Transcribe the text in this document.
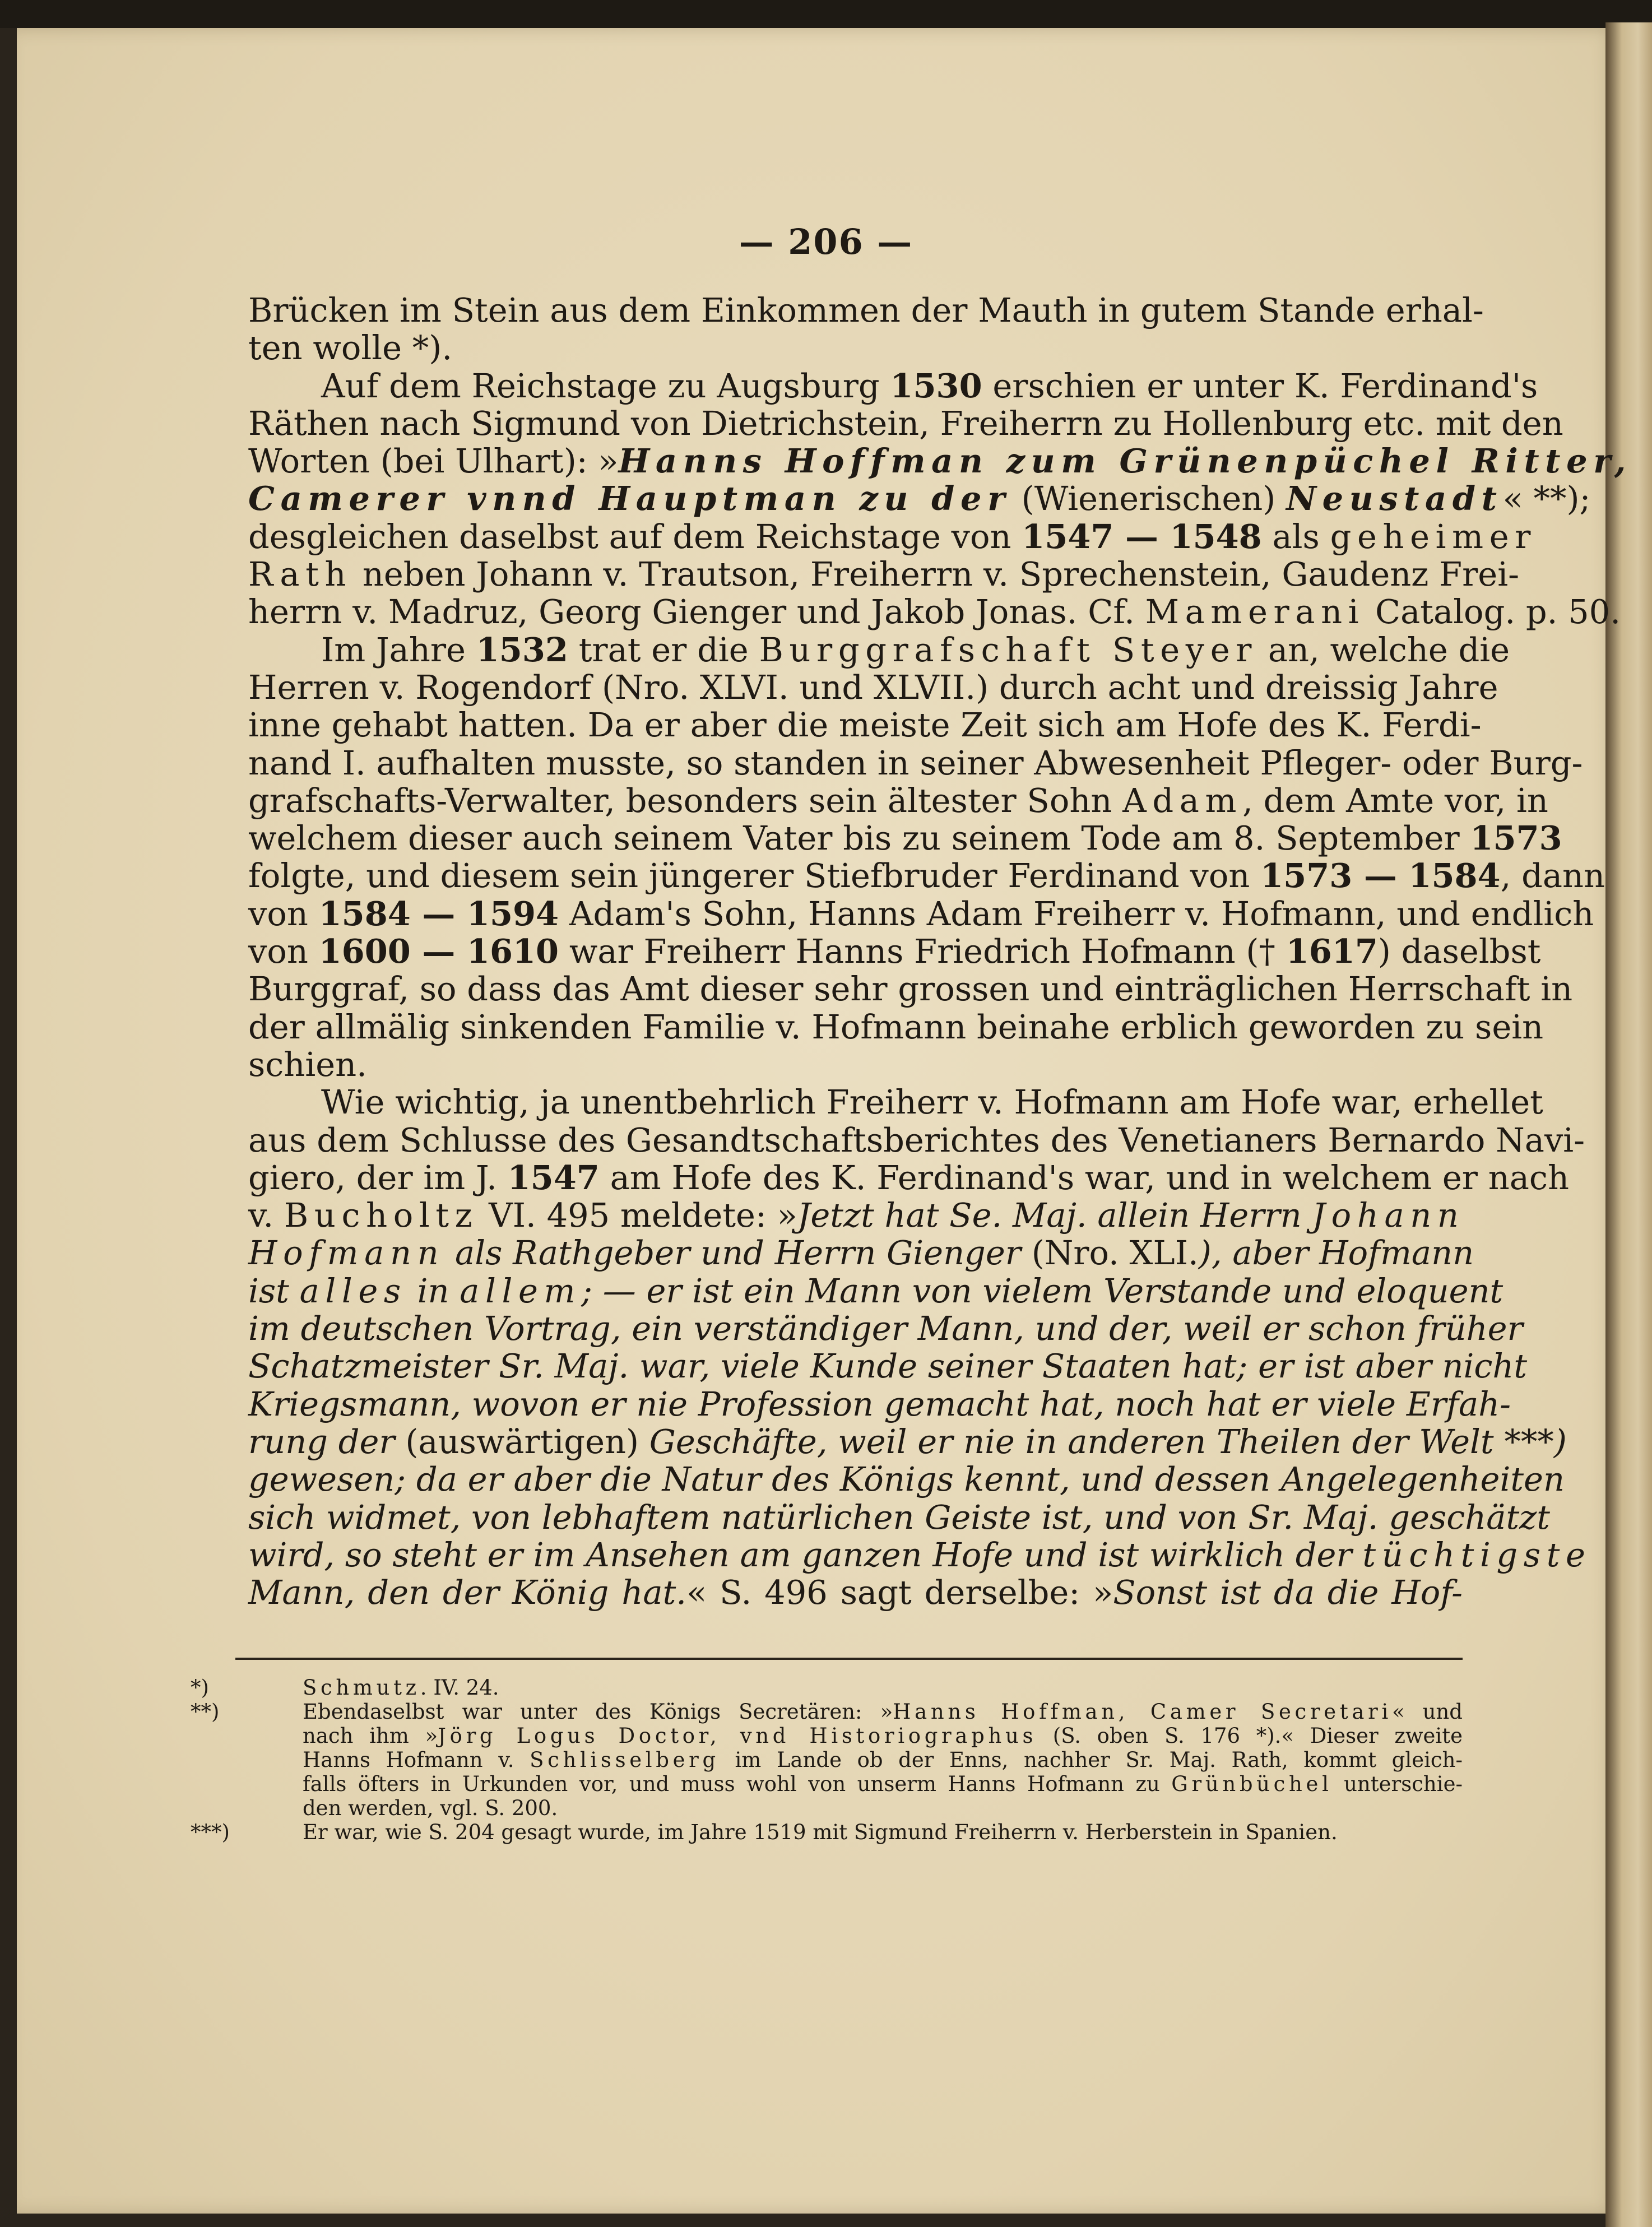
— 206 —
Brücken im Stein aus dem Einkommen der Mauth in gutem Stande erhal-
ten wolle *).
Auf dem Reichstage zu Augsburg 1530 erschien er unter K. Ferdinand's
Räthen nach Sigmund von Dietrichstein, Freiherrn zu Hollenburg etc. mit den
Worten (bei Ulhart): »Hanns Hoffman zum Grünenpüchel Ritter,
Camerer vnnd Hauptman zu der (Wienerischen) Neustadt« **);
desgleichen daselbst auf dem Reichstage von 1547 — 1548 als geheimer
Rath neben Johann v. Trautson, Freiherrn v. Sprechenstein, Gaudenz Frei-
herrn v. Madruz, Georg Gienger und Jakob Jonas. Cf. Mamerani Catalog. p. 50.
Im Jahre 1532 trat er die Burggrafschaft Steyer an, welche die
Herren v. Rogendorf (Nro. XLVI. und XLVII.) durch acht und dreissig Jahre
inne gehabt hatten. Da er aber die meiste Zeit sich am Hofe des K. Ferdi-
nand I. aufhalten musste, so standen in seiner Abwesenheit Pfleger- oder Burg-
grafschafts-Verwalter, besonders sein ältester Sohn Adam, dem Amte vor, in
welchem dieser auch seinem Vater bis zu seinem Tode am 8. September 1573
folgte, und diesem sein jüngerer Stiefbruder Ferdinand von 1573 — 1584, dann
von 1584 — 1594 Adam's Sohn, Hanns Adam Freiherr v. Hofmann, und endlich
von 1600 — 1610 war Freiherr Hanns Friedrich Hofmann († 1617) daselbst
Burggraf, so dass das Amt dieser sehr grossen und einträglichen Herrschaft in
der allmälig sinkenden Familie v. Hofmann beinahe erblich geworden zu sein
schien.
Wie wichtig, ja unentbehrlich Freiherr v. Hofmann am Hofe war, erhellet
aus dem Schlusse des Gesandtschaftsberichtes des Venetianers Bernardo Navi-
giero, der im J. 1547 am Hofe des K. Ferdinand's war, und in welchem er nach
v. Bucholtz VI. 495 meldete: »Jetzt hat Se. Maj. allein Herrn Johann
Hofmann als Rathgeber und Herrn Gienger (Nro. XLI.), aber Hofmann
ist alles in allem; — er ist ein Mann von vielem Verstande und eloquent
im deutschen Vortrag, ein verständiger Mann, und der, weil er schon früher
Schatzmeister Sr. Maj. war, viele Kunde seiner Staaten hat; er ist aber nicht
Kriegsmann, wovon er nie Profession gemacht hat, noch hat er viele Erfah-
rung der (auswärtigen) Geschäfte, weil er nie in anderen Theilen der Welt ***)
gewesen; da er aber die Natur des Königs kennt, und dessen Angelegenheiten
sich widmet, von lebhaftem natürlichen Geiste ist, und von Sr. Maj. geschätzt
wird, so steht er im Ansehen am ganzen Hofe und ist wirklich der tüchtigste
Mann, den der König hat.« S. 496 sagt derselbe: »Sonst ist da die Hof-
*)	Schmutz. IV. 24.
**)	Ebendaselbst war unter des Königs Secretären: »Hanns Hoffman, Camer Secretari« und
nach ihm »Jörg Logus Doctor, vnd Historiographus (S. oben S. 176 *).« Dieser zweite
Hanns Hofmann v. Schlisselberg im Lande ob der Enns, nachher Sr. Maj. Rath, kommt gleich-
falls öfters in Urkunden vor, und muss wohl von unserm Hanns Hofmann zu Grünbüchel unterschie-
den werden, vgl. S. 200.
***)	Er war, wie S. 204 gesagt wurde, im Jahre 1519 mit Sigmund Freiherrn v. Herberstein in Spanien.
